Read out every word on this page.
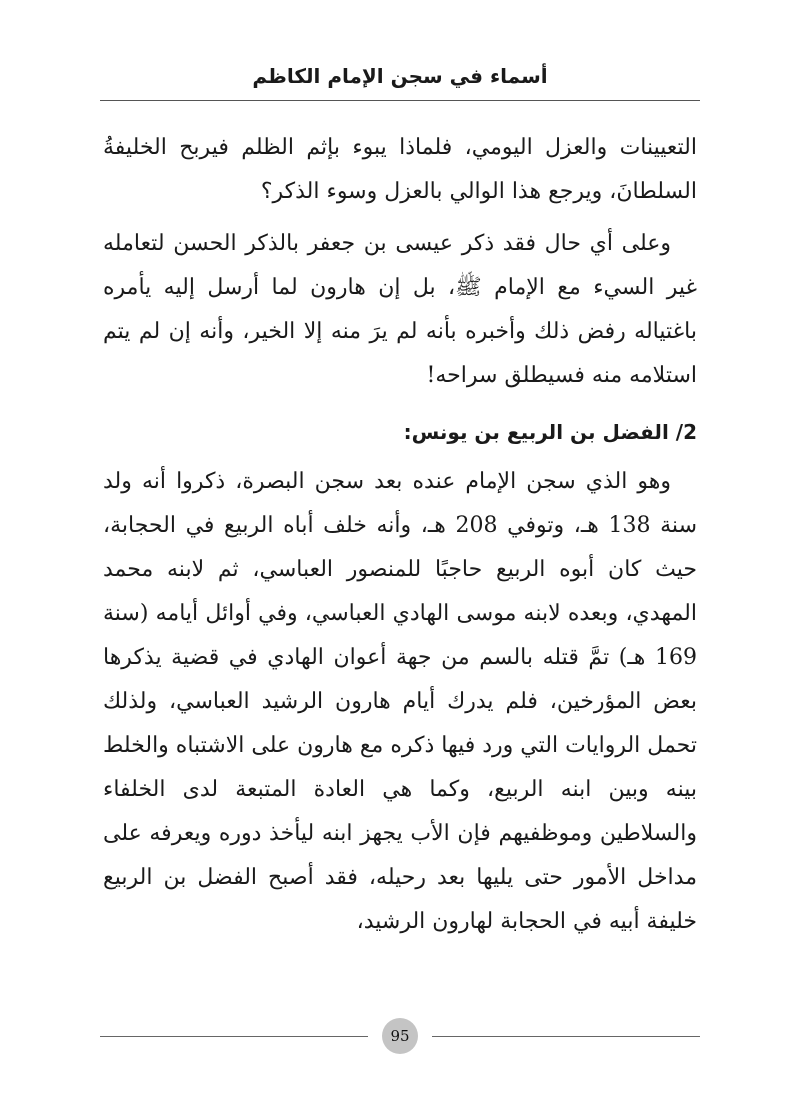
أسماء في سجن الإمام الكاظم

التعيينات والعزل اليومي، فلماذا يبوء بإثم الظلم فيربح الخليفةُ السلطانَ، ويرجع هذا الوالي بالعزل وسوء الذكر؟

وعلى أي حال فقد ذكر عيسى بن جعفر بالذكر الحسن لتعامله غير السيء مع الإمام ﷺ، بل إن هارون لما أرسل إليه يأمره باغتياله رفض ذلك وأخبره بأنه لم يرَ منه إلا الخير، وأنه إن لم يتم استلامه منه فسيطلق سراحه!

2/ الفضل بن الربيع بن يونس:

وهو الذي سجن الإمام عنده بعد سجن البصرة، ذكروا أنه ولد سنة 138 هـ، وتوفي 208 هـ، وأنه خلف أباه الربيع في الحجابة، حيث كان أبوه الربيع حاجبًا للمنصور العباسي، ثم لابنه محمد المهدي، وبعده لابنه موسى الهادي العباسي، وفي أوائل أيامه (سنة 169 هـ) تمَّ قتله بالسم من جهة أعوان الهادي في قضية يذكرها بعض المؤرخين، فلم يدرك أيام هارون الرشيد العباسي، ولذلك تحمل الروايات التي ورد فيها ذكره مع هارون على الاشتباه والخلط بينه وبين ابنه الربيع، وكما هي العادة المتبعة لدى الخلفاء والسلاطين وموظفيهم فإن الأب يجهز ابنه ليأخذ دوره ويعرفه على مداخل الأمور حتى يليها بعد رحيله، فقد أصبح الفضل بن الربيع خليفة أبيه في الحجابة لهارون الرشيد،

95
